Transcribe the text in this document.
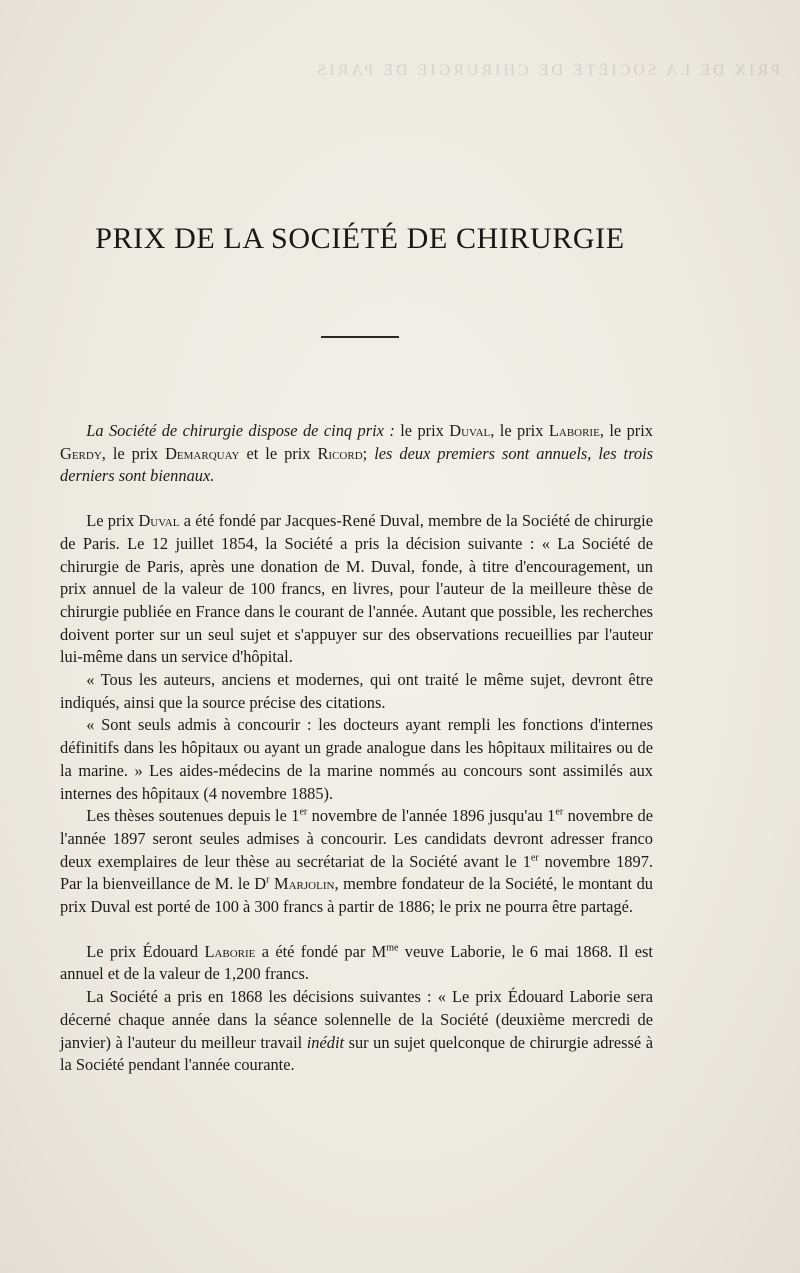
PRIX DE LA SOCIÉTÉ DE CHIRURGIE DE PARIS
PRIX DE LA SOCIÉTÉ DE CHIRURGIE

La Société de chirurgie dispose de cinq prix : le prix Duval, le prix Laborie, le prix Gerdy, le prix Demarquay et le prix Ricord; les deux premiers sont annuels, les trois derniers sont biennaux.

Le prix Duval a été fondé par Jacques-René Duval, membre de la Société de chirurgie de Paris. Le 12 juillet 1854, la Société a pris la décision suivante : « La Société de chirurgie de Paris, après une donation de M. Duval, fonde, à titre d'encouragement, un prix annuel de la valeur de 100 francs, en livres, pour l'auteur de la meilleure thèse de chirurgie publiée en France dans le courant de l'année. Autant que possible, les recherches doivent porter sur un seul sujet et s'appuyer sur des observations recueillies par l'auteur lui-même dans un service d'hôpital.

« Tous les auteurs, anciens et modernes, qui ont traité le même sujet, devront être indiqués, ainsi que la source précise des citations.

« Sont seuls admis à concourir : les docteurs ayant rempli les fonctions d'internes définitifs dans les hôpitaux ou ayant un grade analogue dans les hôpitaux militaires ou de la marine. » Les aides-médecins de la marine nommés au concours sont assimilés aux internes des hôpitaux (4 novembre 1885).

Les thèses soutenues depuis le 1er novembre de l'année 1896 jusqu'au 1er novembre de l'année 1897 seront seules admises à concourir. Les candidats devront adresser franco deux exemplaires de leur thèse au secrétariat de la Société avant le 1er novembre 1897. Par la bienveillance de M. le $D^r$ Marjolin, membre fondateur de la Société, le montant du prix Duval est porté de 100 à 300 francs à partir de 1886; le prix ne pourra être partagé.

Le prix Édouard Laborie a été fondé par $M^{me}$ veuve Laborie, le 6 mai 1868. Il est annuel et de la valeur de 1,200 francs.

La Société a pris en 1868 les décisions suivantes : « Le prix Édouard Laborie sera décerné chaque année dans la séance solennelle de la Société (deuxième mercredi de janvier) à l'auteur du meilleur travail inédit sur un sujet quelconque de chirurgie adressé à la Société pendant l'année courante.
